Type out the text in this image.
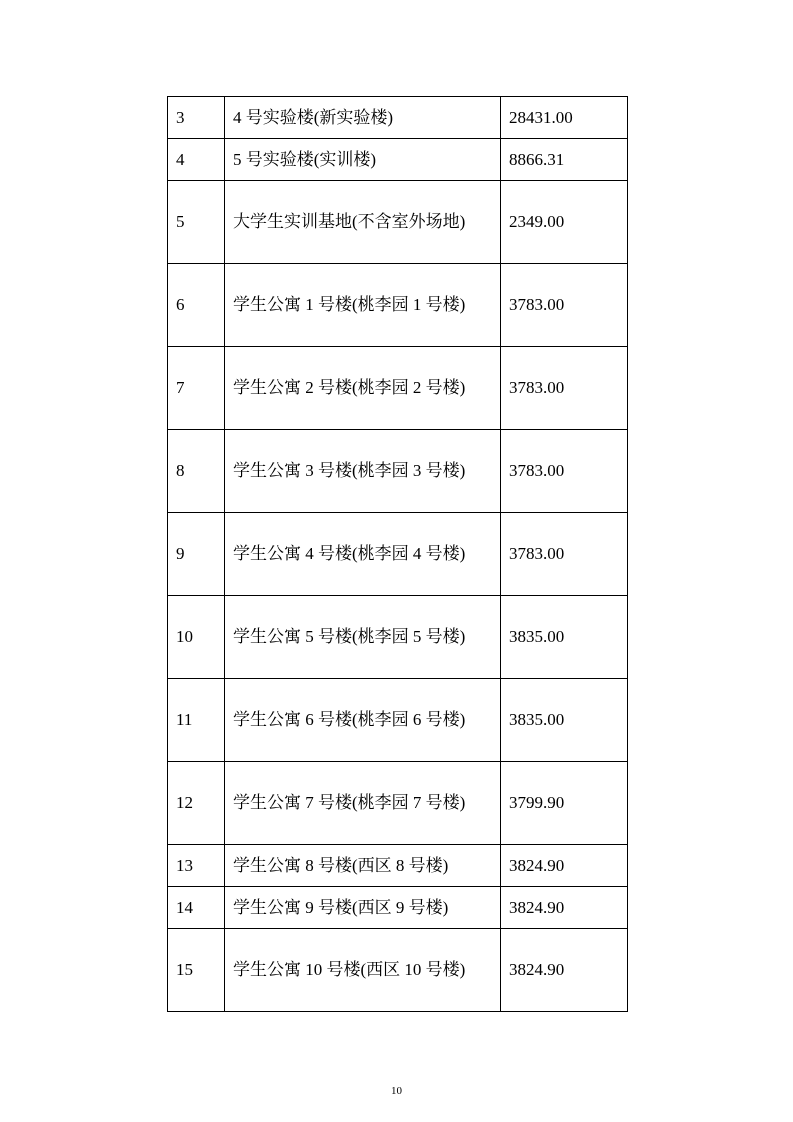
3	4 号实验楼(新实验楼)	28431.00
4	5 号实验楼(实训楼)	8866.31
5	大学生实训基地(不含室外场地)	2349.00
6	学生公寓 1 号楼(桃李园 1 号楼)	3783.00
7	学生公寓 2 号楼(桃李园 2 号楼)	3783.00
8	学生公寓 3 号楼(桃李园 3 号楼)	3783.00
9	学生公寓 4 号楼(桃李园 4 号楼)	3783.00
10	学生公寓 5 号楼(桃李园 5 号楼)	3835.00
11	学生公寓 6 号楼(桃李园 6 号楼)	3835.00
12	学生公寓 7 号楼(桃李园 7 号楼)	3799.90
13	学生公寓 8 号楼(西区 8 号楼)	3824.90
14	学生公寓 9 号楼(西区 9 号楼)	3824.90
15	学生公寓 10 号楼(西区 10 号楼)	3824.90
10
